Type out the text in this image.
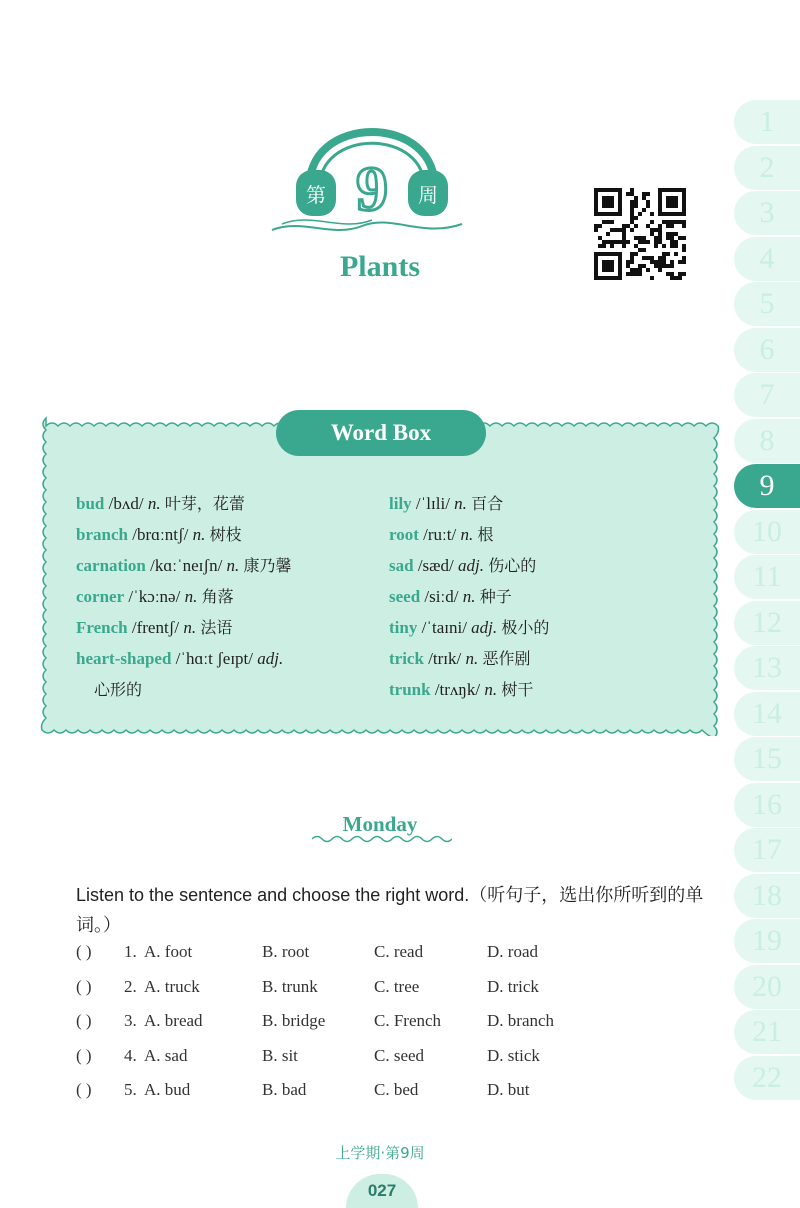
第 9 周
Plants
1
2
3
4
5
6
7
8
9
10
11
12
13
14
15
16
17
18
19
20
21
22
Word Box
bud /bʌd/ n. 叶芽，花蕾
branch /brɑːntʃ/ n. 树枝
carnation /kɑːˈneɪʃn/ n. 康乃馨
corner /ˈkɔːnə/ n. 角落
French /frentʃ/ n. 法语
heart-shaped /ˈhɑːt ʃeɪpt/ adj.
心形的
lily /ˈlɪli/ n. 百合
root /ruːt/ n. 根
sad /sæd/ adj. 伤心的
seed /siːd/ n. 种子
tiny /ˈtaɪni/ adj. 极小的
trick /trɪk/ n. 恶作剧
trunk /trʌŋk/ n. 树干
Monday
Listen to the sentence and choose the right word.（听句子，选出你所听到的单词。）
( ) 1. A. foot	B. root	C. read	D. road
( ) 2. A. truck	B. trunk	C. tree	D. trick
( ) 3. A. bread	B. bridge	C. French	D. branch
( ) 4. A. sad	B. sit	C. seed	D. stick
( ) 5. A. bud	B. bad	C. bed	D. but
上学期·第9周
027
